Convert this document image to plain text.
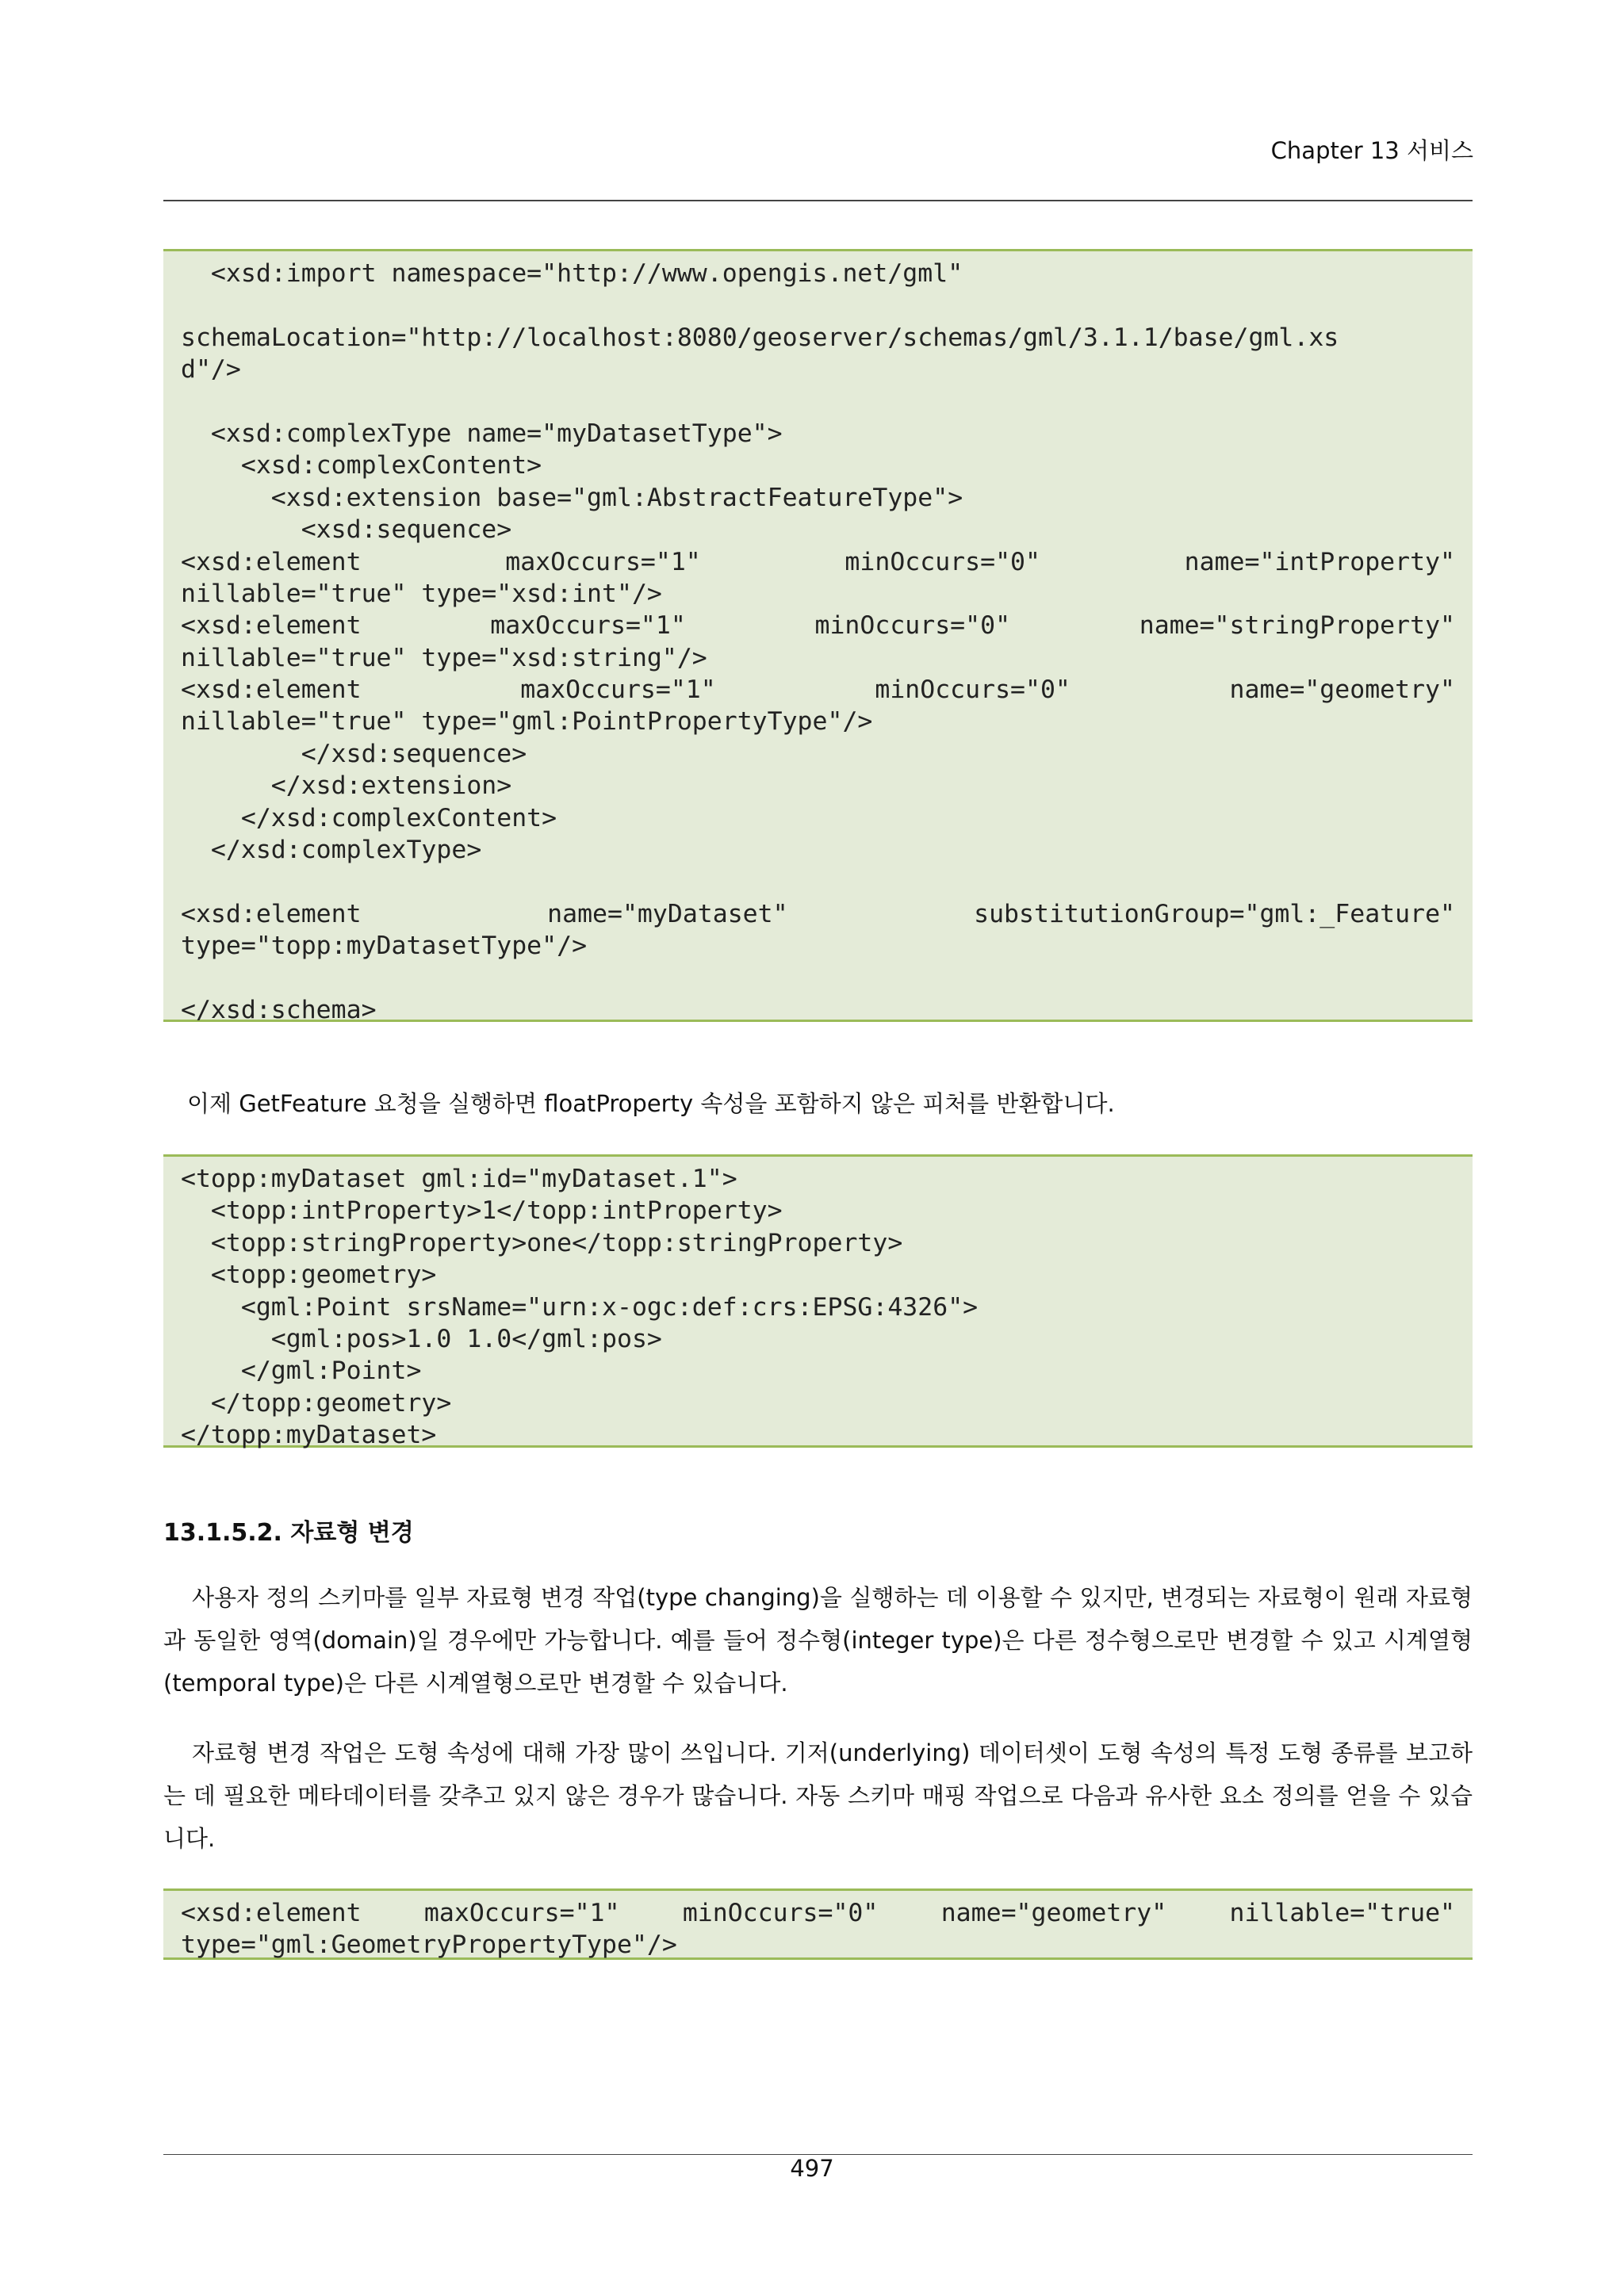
Chapter 13 서비스
<xsd:import namespace="http://www.opengis.net/gml"
schemaLocation="http://localhost:8080/geoserver/schemas/gml/3.1.1/base/gml.xs
d"/>
<xsd:complexType name="myDatasetType">
<xsd:complexContent>
<xsd:extension base="gml:AbstractFeatureType">
<xsd:sequence>
<xsd:element maxOccurs="1" minOccurs="0" name="intProperty"
nillable="true" type="xsd:int"/>
<xsd:element maxOccurs="1" minOccurs="0" name="stringProperty"
nillable="true" type="xsd:string"/>
<xsd:element maxOccurs="1" minOccurs="0" name="geometry"
nillable="true" type="gml:PointPropertyType"/>
</xsd:sequence>
</xsd:extension>
</xsd:complexContent>
</xsd:complexType>
<xsd:element name="myDataset" substitutionGroup="gml:_Feature"
type="topp:myDatasetType"/>
</xsd:schema>

이제 GetFeature 요청을 실행하면 floatProperty 속성을 포함하지 않은 피처를 반환합니다.

<topp:myDataset gml:id="myDataset.1">
<topp:intProperty>1</topp:intProperty>
<topp:stringProperty>one</topp:stringProperty>
<topp:geometry>
<gml:Point srsName="urn:x-ogc:def:crs:EPSG:4326">
<gml:pos>1.0 1.0</gml:pos>
</gml:Point>
</topp:geometry>
</topp:myDataset>
13.1.5.2. 자료형 변경

사용자 정의 스키마를 일부 자료형 변경 작업(type changing)을 실행하는 데 이용할 수 있지만, 변경되는 자료형이 원래 자료형과 동일한 영역(domain)일 경우에만 가능합니다. 예를 들어 정수형(integer type)은 다른 정수형으로만 변경할 수 있고 시계열형(temporal type)은 다른 시계열형으로만 변경할 수 있습니다.

자료형 변경 작업은 도형 속성에 대해 가장 많이 쓰입니다. 기저(underlying) 데이터셋이 도형 속성의 특정 도형 종류를 보고하는 데 필요한 메타데이터를 갖추고 있지 않은 경우가 많습니다. 자동 스키마 매핑 작업으로 다음과 유사한 요소 정의를 얻을 수 있습니다.

<xsd:element maxOccurs="1" minOccurs="0" name="geometry" nillable="true"
type="gml:GeometryPropertyType"/>
497
